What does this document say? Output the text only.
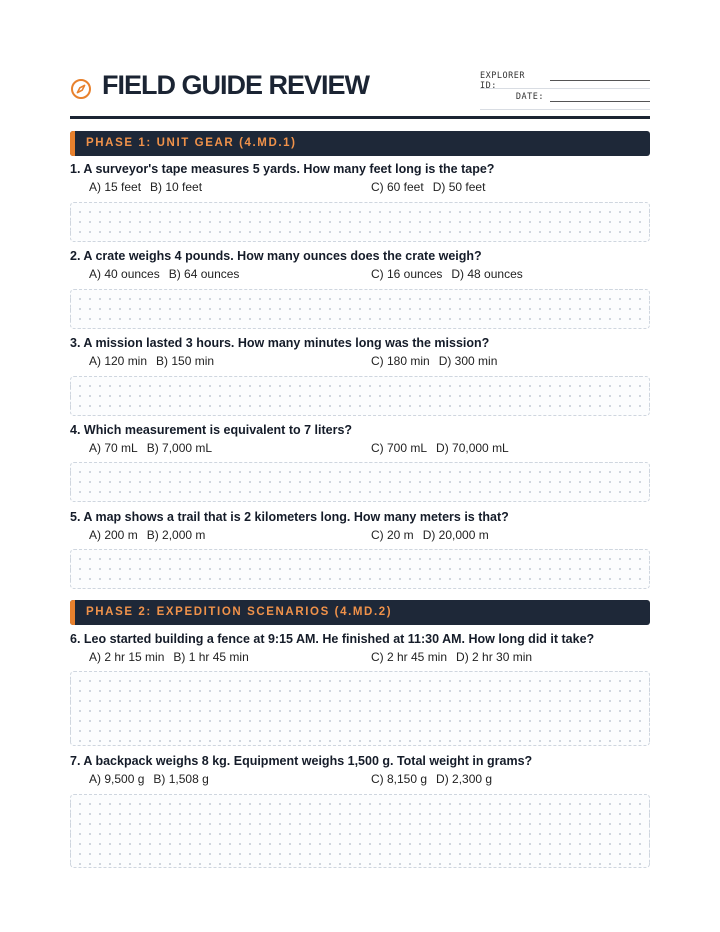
FIELD GUIDE REVIEW	EXPLORER ID:
DATE:
PHASE 1: UNIT GEAR (4.MD.1)
1. A surveyor's tape measures 5 yards. How many feet long is the tape?
A) 15 feet B) 10 feet	C) 60 feet D) 50 feet
2. A crate weighs 4 pounds. How many ounces does the crate weigh?
A) 40 ounces B) 64 ounces	C) 16 ounces D) 48 ounces
3. A mission lasted 3 hours. How many minutes long was the mission?
A) 120 min B) 150 min	C) 180 min D) 300 min
4. Which measurement is equivalent to 7 liters?
A) 70 mL B) 7,000 mL	C) 700 mL D) 70,000 mL
5. A map shows a trail that is 2 kilometers long. How many meters is that?
A) 200 m B) 2,000 m	C) 20 m D) 20,000 m
PHASE 2: EXPEDITION SCENARIOS (4.MD.2)
6. Leo started building a fence at 9:15 AM. He finished at 11:30 AM. How long did it take?
A) 2 hr 15 min B) 1 hr 45 min	C) 2 hr 45 min D) 2 hr 30 min
7. A backpack weighs 8 kg. Equipment weighs 1,500 g. Total weight in grams?
A) 9,500 g B) 1,508 g	C) 8,150 g D) 2,300 g
